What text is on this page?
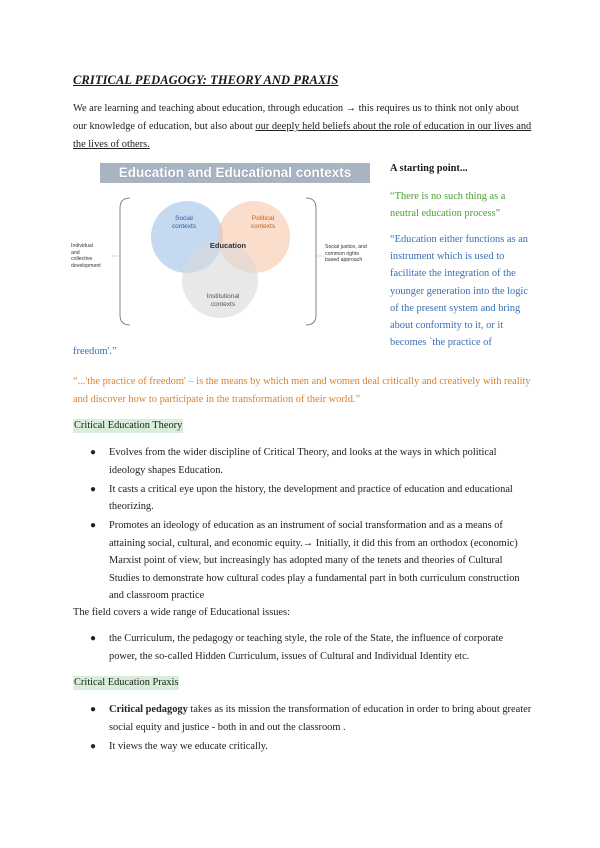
CRITICAL PEDAGOGY: THEORY AND PRAXIS

We are learning and teaching about education, through education → this requires us to think not only about our knowledge of education, but also about our deeply held beliefs about the role of education in our lives and the lives of others.

Education and Educational contexts
Social
contexts
Political
contexts
Education
Institutional
contexts
Individual
and
collective
development
Social justice, and
common rights
based approach
A starting point...
“There is no such thing as a neutral education process”
“Education either functions as an instrument which is used to facilitate the integration of the younger generation into the logic of the present system and bring about conformity to it, or it becomes `the practice of
freedom'.”
“...'the practice of freedom' – is the means by which men and women deal critically and creatively with reality and discover how to participate in the transformation of their world.”
Critical Education Theory
● Evolves from the wider discipline of Critical Theory, and looks at the ways in which political ideology shapes Education.
● It casts a critical eye upon the history, the development and practice of education and educational theorizing.
● Promotes an ideology of education as an instrument of social transformation and as a means of attaining social, cultural, and economic equity.→ Initially, it did this from an orthodox (economic) Marxist point of view, but increasingly has adopted many of the tenets and theories of Cultural Studies to demonstrate how cultural codes play a fundamental part in both curriculum construction and classroom practice
The field covers a wide range of Educational issues:
● the Curriculum, the pedagogy or teaching style, the role of the State, the influence of corporate power, the so-called Hidden Curriculum, issues of Cultural and Individual Identity etc.
Critical Education Praxis
● Critical pedagogy takes as its mission the transformation of education in order to bring about greater social equity and justice - both in and out the classroom .
● It views the way we educate critically.
